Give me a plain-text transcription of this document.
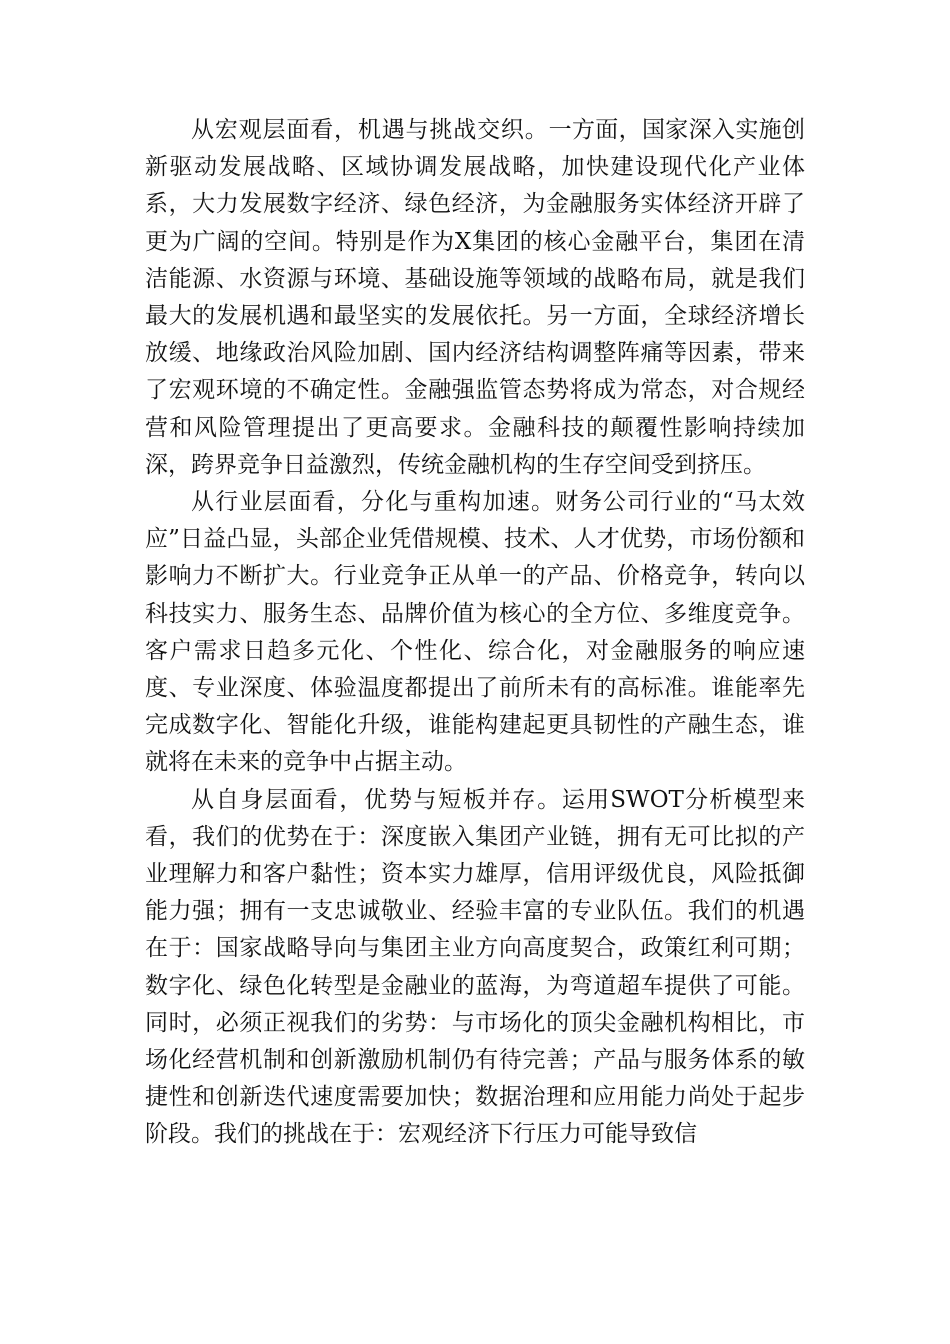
从宏观层面看，机遇与挑战交织。一方面，国家深入实施创新驱动发展战略、区域协调发展战略，加快建设现代化产业体系，大力发展数字经济、绿色经济，为金融服务实体经济开辟了更为广阔的空间。特别是作为X集团的核心金融平台，集团在清洁能源、水资源与环境、基础设施等领域的战略布局，就是我们最大的发展机遇和最坚实的发展依托。另一方面，全球经济增长放缓、地缘政治风险加剧、国内经济结构调整阵痛等因素，带来了宏观环境的不确定性。金融强监管态势将成为常态，对合规经营和风险管理提出了更高要求。金融科技的颠覆性影响持续加深，跨界竞争日益激烈，传统金融机构的生存空间受到挤压。

从行业层面看，分化与重构加速。财务公司行业的“马太效应”日益凸显，头部企业凭借规模、技术、人才优势，市场份额和影响力不断扩大。行业竞争正从单一的产品、价格竞争，转向以科技实力、服务生态、品牌价值为核心的全方位、多维度竞争。客户需求日趋多元化、个性化、综合化，对金融服务的响应速度、专业深度、体验温度都提出了前所未有的高标准。谁能率先完成数字化、智能化升级，谁能构建起更具韧性的产融生态，谁就将在未来的竞争中占据主动。

从自身层面看，优势与短板并存。运用SWOT分析模型来看，我们的优势在于：深度嵌入集团产业链，拥有无可比拟的产业理解力和客户黏性；资本实力雄厚，信用评级优良，风险抵御能力强；拥有一支忠诚敬业、经验丰富的专业队伍。我们的机遇在于：国家战略导向与集团主业方向高度契合，政策红利可期；数字化、绿色化转型是金融业的蓝海，为弯道超车提供了可能。同时，必须正视我们的劣势：与市场化的顶尖金融机构相比，市场化经营机制和创新激励机制仍有待完善；产品与服务体系的敏捷性和创新迭代速度需要加快；数据治理和应用能力尚处于起步阶段。我们的挑战在于：宏观经济下行压力可能导致信
